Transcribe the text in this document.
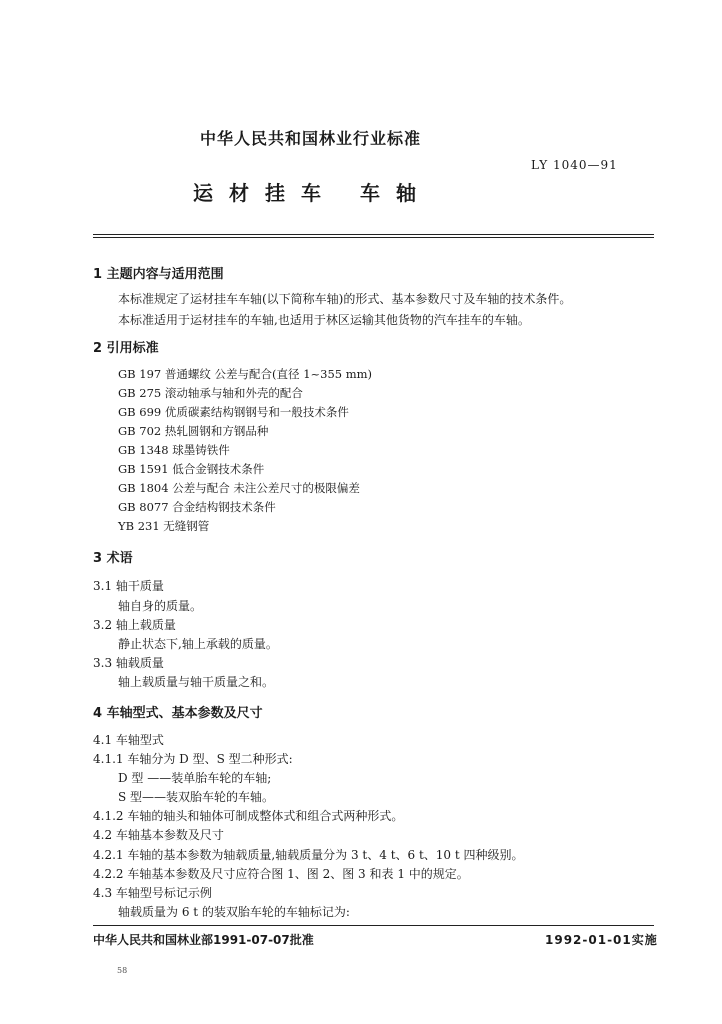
中华人民共和国林业行业标准
LY 1040—91
运材挂车 车轴
1 主题内容与适用范围
本标准规定了运材挂车车轴(以下简称车轴)的形式、基本参数尺寸及车轴的技术条件。
本标准适用于运材挂车的车轴,也适用于林区运输其他货物的汽车挂车的车轴。
2 引用标准
GB 197 普通螺纹 公差与配合(直径 1~355 mm)
GB 275 滚动轴承与轴和外壳的配合
GB 699 优质碳素结构钢钢号和一般技术条件
GB 702 热轧圆钢和方钢品种
GB 1348 球墨铸铁件
GB 1591 低合金钢技术条件
GB 1804 公差与配合 未注公差尺寸的极限偏差
GB 8077 合金结构钢技术条件
YB 231 无缝钢管
3 术语
3.1 轴干质量
轴自身的质量。
3.2 轴上载质量
静止状态下,轴上承载的质量。
3.3 轴载质量
轴上载质量与轴干质量之和。
4 车轴型式、基本参数及尺寸
4.1 车轴型式
4.1.1 车轴分为 D 型、S 型二种形式:
D 型 ——装单胎车轮的车轴;
S 型——装双胎车轮的车轴。
4.1.2 车轴的轴头和轴体可制成整体式和组合式两种形式。
4.2 车轴基本参数及尺寸
4.2.1 车轴的基本参数为轴载质量,轴载质量分为 3 t、4 t、6 t、10 t 四种级别。
4.2.2 车轴基本参数及尺寸应符合图 1、图 2、图 3 和表 1 中的规定。
4.3 车轴型号标记示例
轴载质量为 6 t 的装双胎车轮的车轴标记为:
中华人民共和国林业部1991-07-07批准	1992-01-01实施
58
